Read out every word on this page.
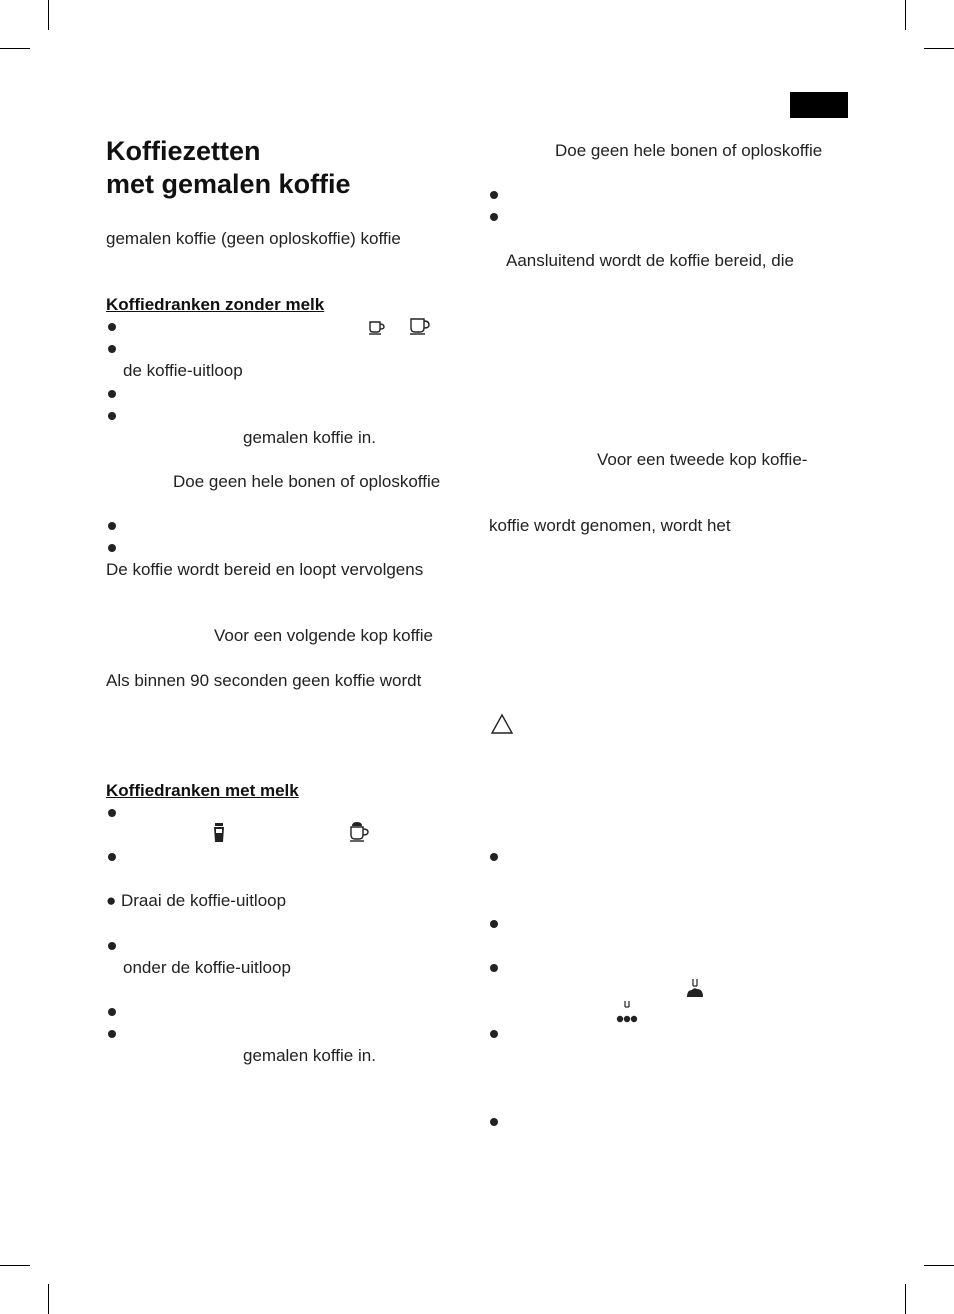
Koffiezetten
met gemalen koffie
gemalen koffie (geen oploskoffie) koffie
Koffiedranken zonder melk
de koffie-uitloop
gemalen koffie in.
Doe geen hele bonen of oploskoffie
De koffie wordt bereid en loopt vervolgens
Voor een volgende kop koffie
Als binnen 90 seconden geen koffie wordt
Koffiedranken met melk
● Draai de koffie-uitloop
onder de koffie-uitloop
gemalen koffie in.
Doe geen hele bonen of oploskoffie
Aansluitend wordt de koffie bereid, die
Voor een tweede kop koffie-
koffie wordt genomen, wordt het
